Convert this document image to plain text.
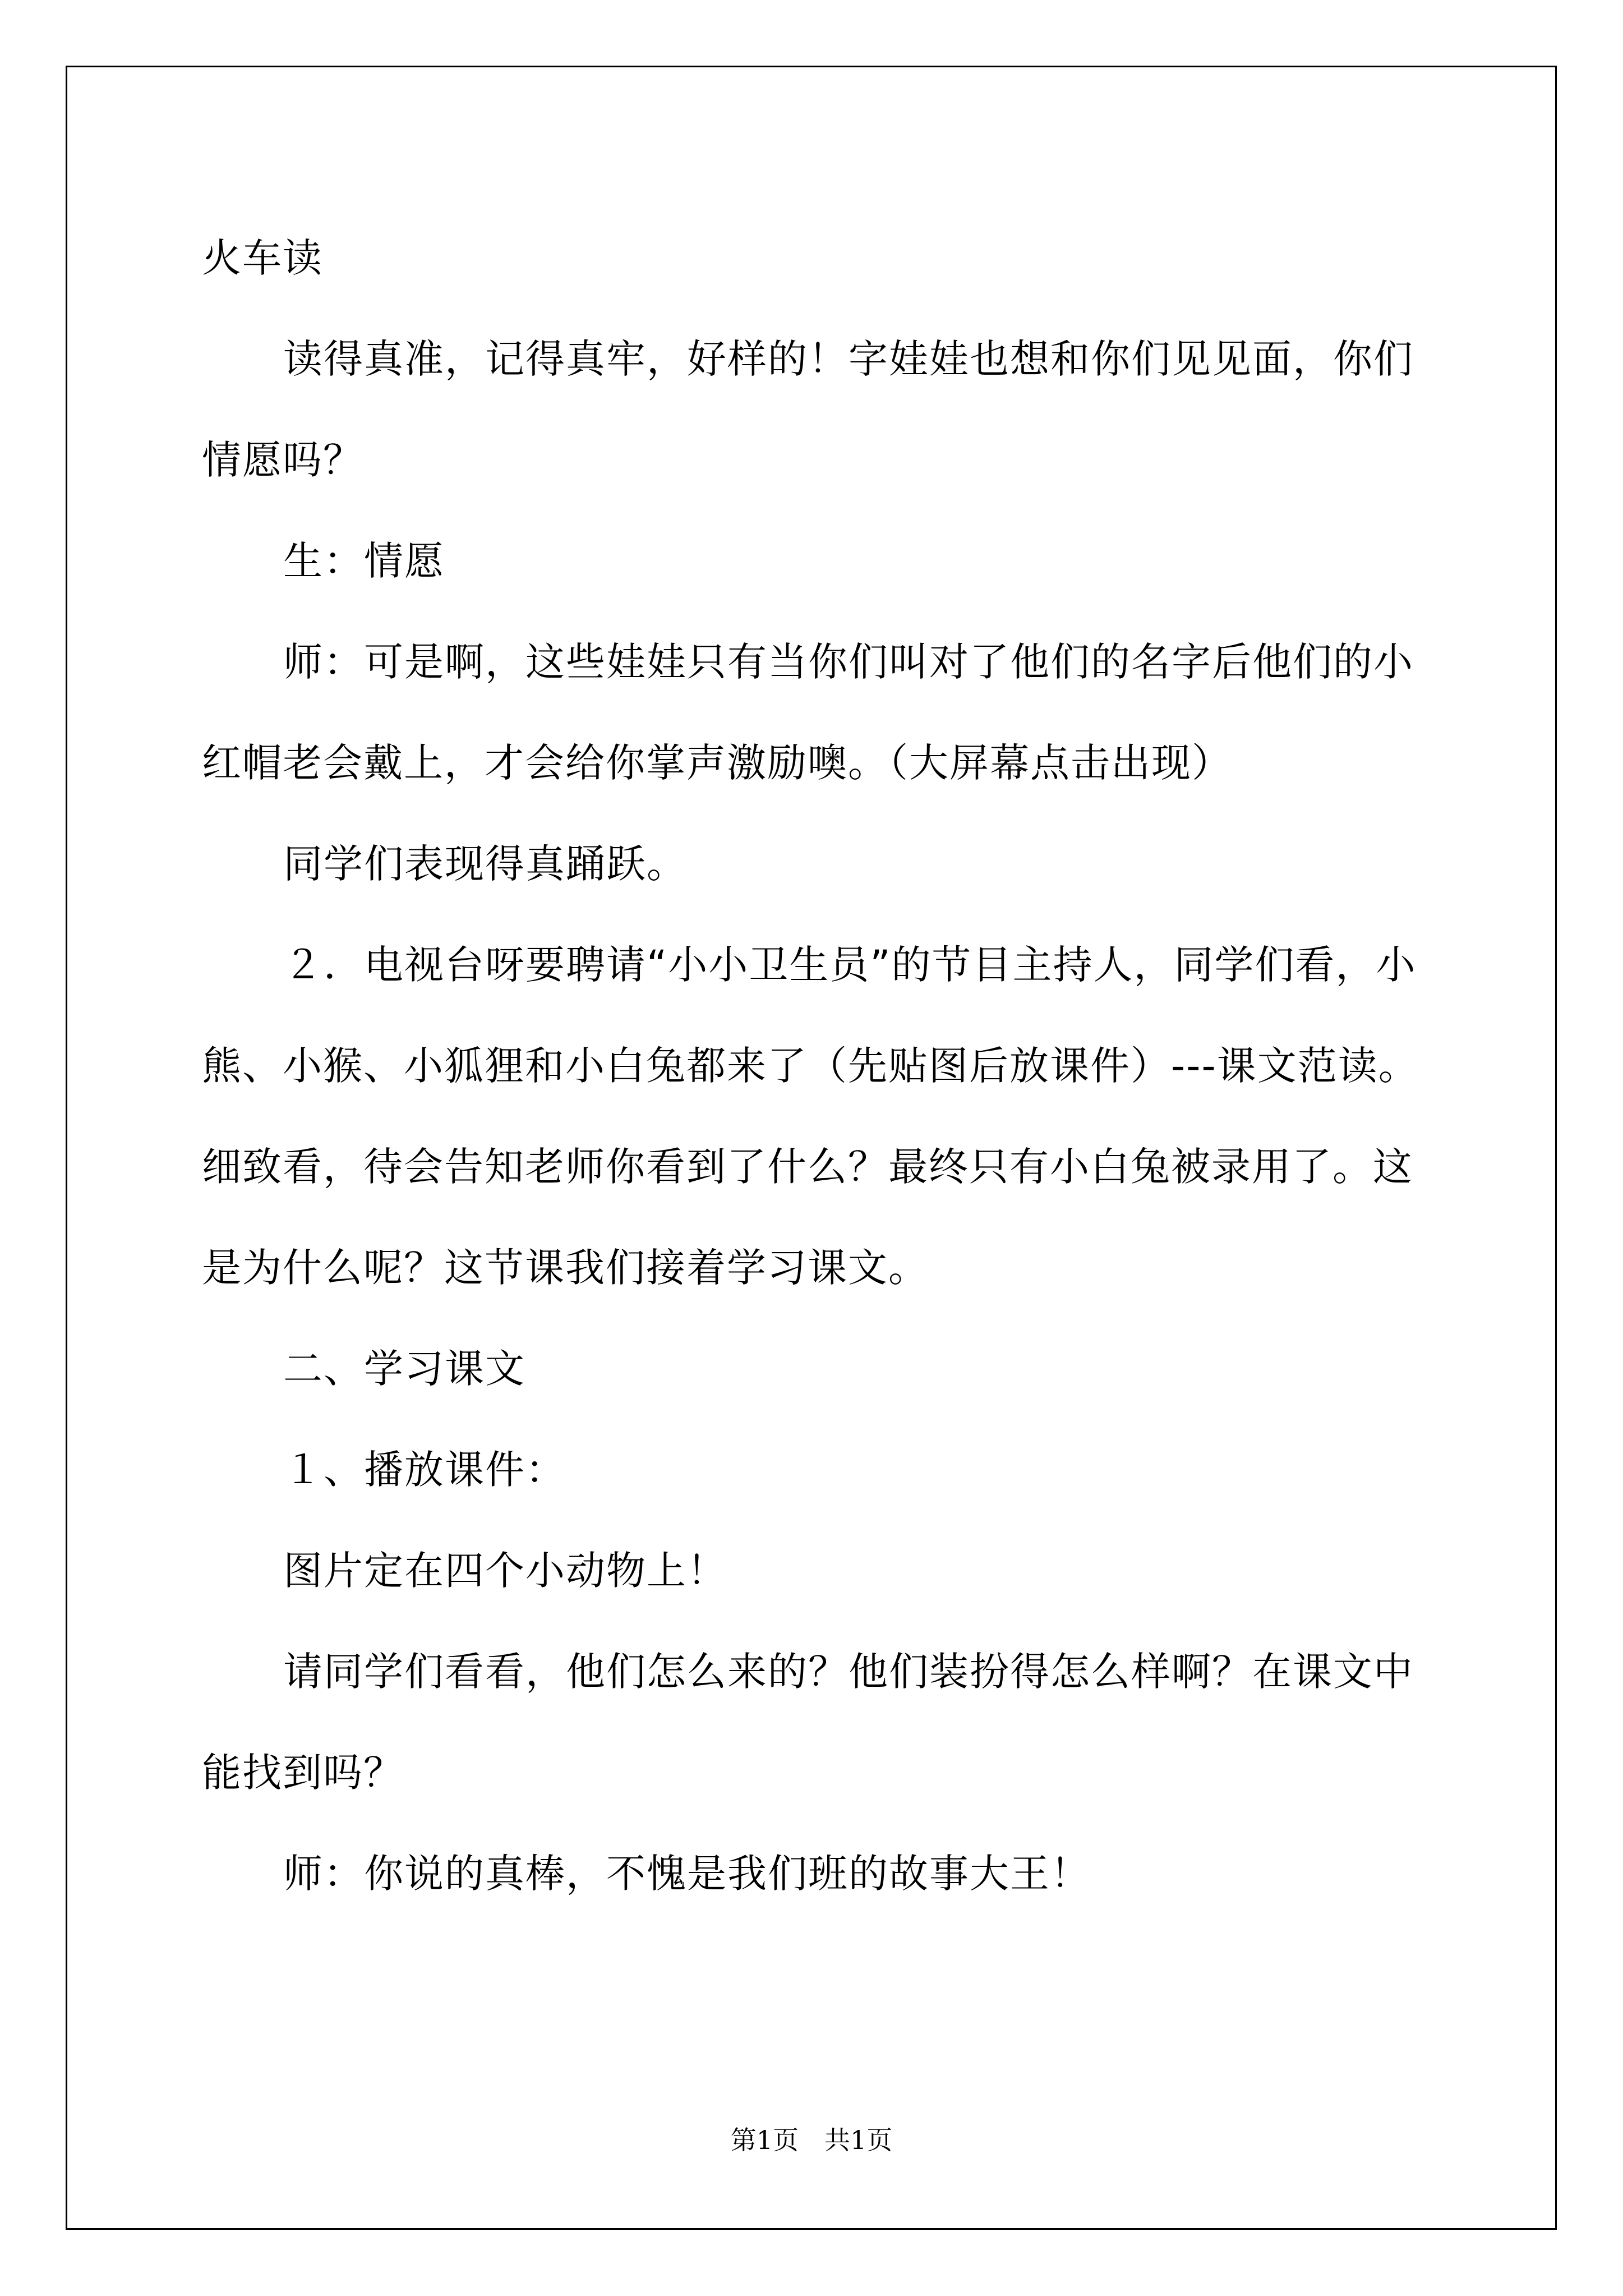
火车读

读得真准，记得真牢，好样的！字娃娃也想和你们见见面，你们情愿吗？

生：情愿

师：可是啊，这些娃娃只有当你们叫对了他们的名字后他们的小红帽老会戴上，才会给你掌声激励噢。（大屏幕点击出现）

同学们表现得真踊跃。

２．电视台呀要聘请“小小卫生员”的节目主持人，同学们看，小熊、小猴、小狐狸和小白兔都来了（先贴图后放课件）---课文范读。细致看，待会告知老师你看到了什么？最终只有小白兔被录用了。这是为什么呢？这节课我们接着学习课文。

二、学习课文

１、播放课件：

图片定在四个小动物上！

请同学们看看，他们怎么来的？他们装扮得怎么样啊？在课文中能找到吗？

师：你说的真棒，不愧是我们班的故事大王！

第1页　共1页
